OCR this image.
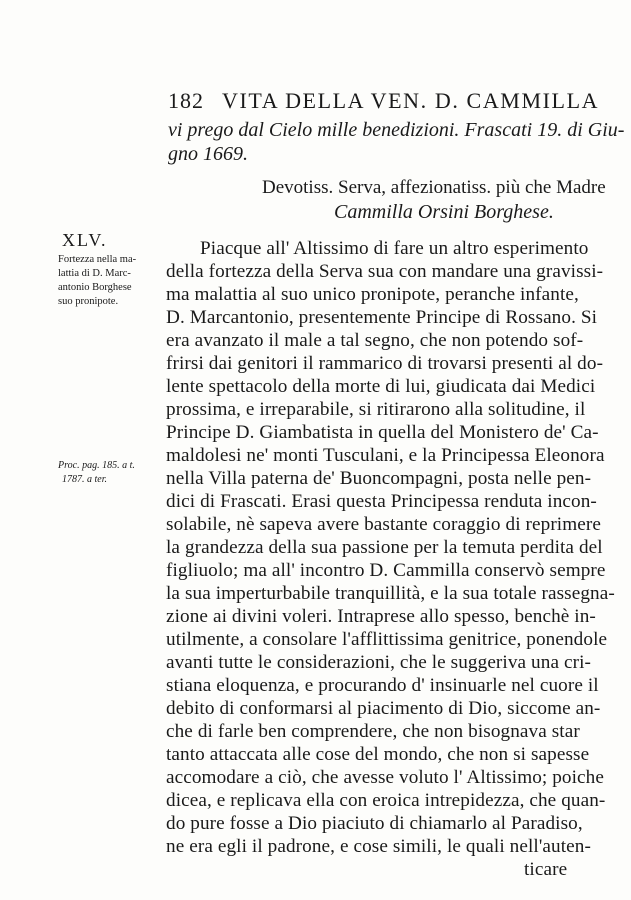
182 VITA DELLA VEN. D. CAMMILLA
vi prego dal Cielo mille benedizioni. Frascati 19. di Giu-
gno 1669.
Devotiss. Serva, affezionatiss. più che Madre
Cammilla Orsini Borghese.
XLV.
Fortezza nella ma-
lattia di D. Marc-
antonio Borghese
suo pronipote.
Proc. pag. 185. a t.
1787. a ter.
Piacque all' Altissimo di fare un altro esperimento
della fortezza della Serva sua con mandare una gravissi-
ma malattia al suo unico pronipote, peranche infante,
D. Marcantonio, presentemente Principe di Rossano. Si
era avanzato il male a tal segno, che non potendo sof-
frirsi dai genitori il rammarico di trovarsi presenti al do-
lente spettacolo della morte di lui, giudicata dai Medici
prossima, e irreparabile, si ritirarono alla solitudine, il
Principe D. Giambatista in quella del Monistero de' Ca-
maldolesi ne' monti Tusculani, e la Principessa Eleonora
nella Villa paterna de' Buoncompagni, posta nelle pen-
dici di Frascati. Erasi questa Principessa renduta incon-
solabile, nè sapeva avere bastante coraggio di reprimere
la grandezza della sua passione per la temuta perdita del
figliuolo; ma all' incontro D. Cammilla conservò sempre
la sua imperturbabile tranquillità, e la sua totale rassegna-
zione ai divini voleri. Intraprese allo spesso, benchè in-
utilmente, a consolare l'afflittissima genitrice, ponendole
avanti tutte le considerazioni, che le suggeriva una cri-
stiana eloquenza, e procurando d' insinuarle nel cuore il
debito di conformarsi al piacimento di Dio, siccome an-
che di farle ben comprendere, che non bisognava star
tanto attaccata alle cose del mondo, che non si sapesse
accomodare a ciò, che avesse voluto l' Altissimo; poiche
dicea, e replicava ella con eroica intrepidezza, che quan-
do pure fosse a Dio piaciuto di chiamarlo al Paradiso,
ne era egli il padrone, e cose simili, le quali nell'auten-
ticare
